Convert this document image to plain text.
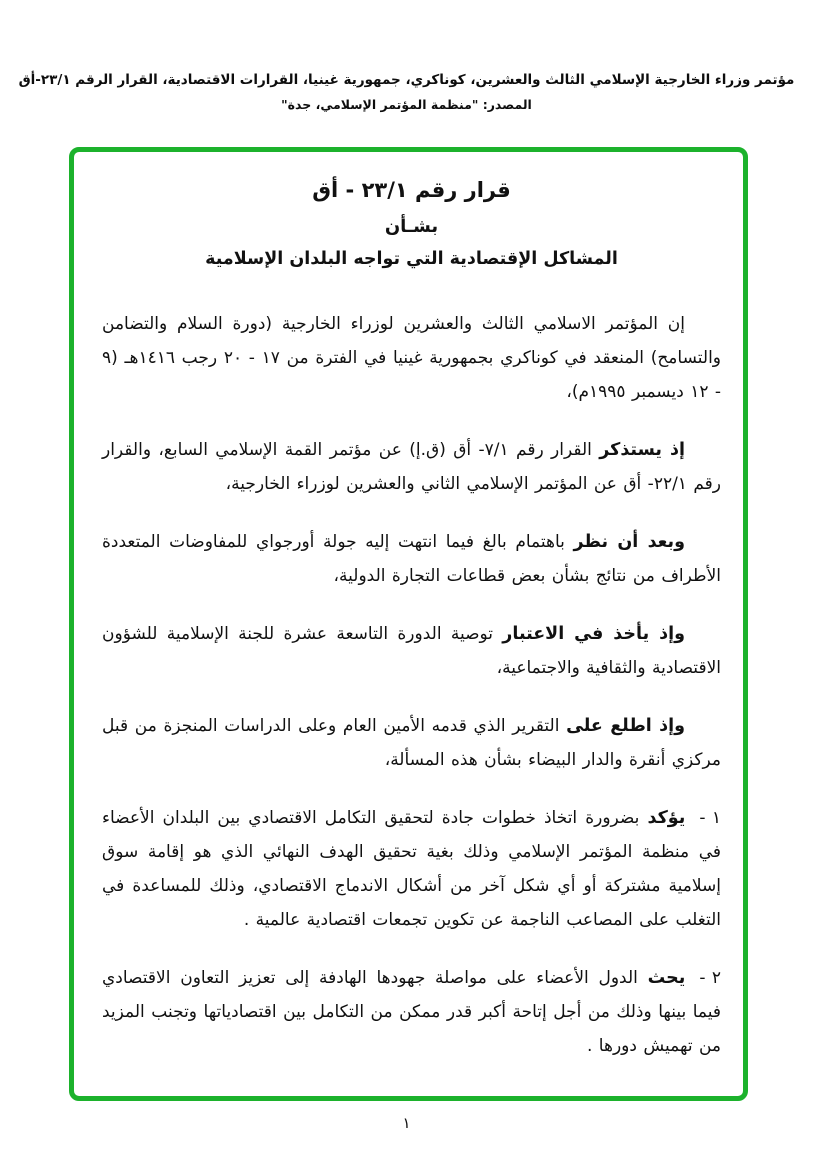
مؤتمر وزراء الخارجية الإسلامي الثالث والعشرين، كوناكري، جمهورية غينيا، القرارات الاقتصادية، القرار الرقم ٢٣/١-أق
المصدر: "منظمة المؤتمر الإسلامي، جدة"
قرار رقم ٢٣/١ - أق
بشـأن
المشاكل الإقتصادية التي تواجه البلدان الإسلامية

إن المؤتمر الاسلامي الثالث والعشرين لوزراء الخارجية (دورة السلام والتضامن والتسامح) المنعقد في كوناكري بجمهورية غينيا في الفترة من ١٧ - ٢٠ رجب ١٤١٦هـ (٩ - ١٢ ديسمبر ١٩٩٥م)،

إذ يستذكر القرار رقم ٧/١- أق (ق.إ) عن مؤتمر القمة الإسلامي السابع، والقرار رقم ٢٢/١- أق عن المؤتمر الإسلامي الثاني والعشرين لوزراء الخارجية،

وبعد أن نظر باهتمام بالغ فيما انتهت إليه جولة أورجواي للمفاوضات المتعددة الأطراف من نتائج بشأن بعض قطاعات التجارة الدولية،

وإذ يأخذ في الاعتبار توصية الدورة التاسعة عشرة للجنة الإسلامية للشؤون الاقتصادية والثقافية والاجتماعية،

وإذ اطلع على التقرير الذي قدمه الأمين العام وعلى الدراسات المنجزة من قبل مركزي أنقرة والدار البيضاء بشأن هذه المسألة،

١ -يؤكد بضرورة اتخاذ خطوات جادة لتحقيق التكامل الاقتصادي بين البلدان الأعضاء في منظمة المؤتمر الإسلامي وذلك بغية تحقيق الهدف النهائي الذي هو إقامة سوق إسلامية مشتركة أو أي شكل آخر من أشكال الاندماج الاقتصادي، وذلك للمساعدة في التغلب على المصاعب الناجمة عن تكوين تجمعات اقتصادية عالمية .

٢ -يحث الدول الأعضاء على مواصلة جهودها الهادفة إلى تعزيز التعاون الاقتصادي فيما بينها وذلك من أجل إتاحة أكبر قدر ممكن من التكامل بين اقتصادياتها وتجنب المزيد من تهميش دورها .

١
